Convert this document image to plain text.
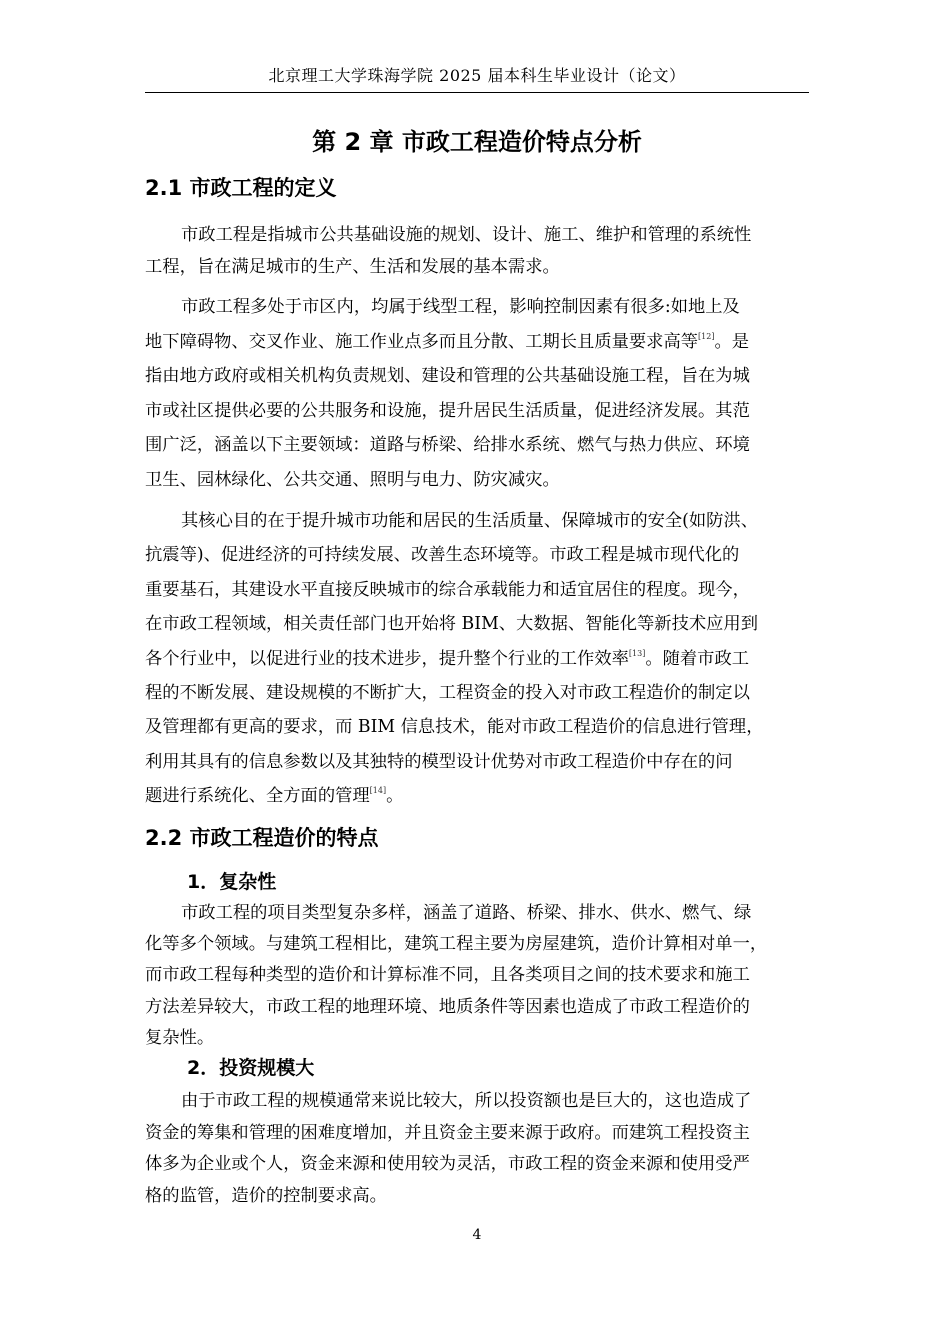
北京理工大学珠海学院 2025 届本科生毕业设计（论文）
第 2 章 市政工程造价特点分析
2.1 市政工程的定义
市政工程是指城市公共基础设施的规划、设计、施工、维护和管理的系统性
工程，旨在满足城市的生产、生活和发展的基本需求。
市政工程多处于市区内，均属于线型工程，影响控制因素有很多:如地上及
地下障碍物、交叉作业、施工作业点多而且分散、工期长且质量要求高等[12]。是
指由地方政府或相关机构负责规划、建设和管理的公共基础设施工程，旨在为城
市或社区提供必要的公共服务和设施，提升居民生活质量，促进经济发展。其范
围广泛，涵盖以下主要领域：道路与桥梁、给排水系统、燃气与热力供应、环境
卫生、园林绿化、公共交通、照明与电力、防灾减灾。
其核心目的在于提升城市功能和居民的生活质量、保障城市的安全(如防洪、
抗震等)、促进经济的可持续发展、改善生态环境等。市政工程是城市现代化的
重要基石，其建设水平直接反映城市的综合承载能力和适宜居住的程度。现今，
在市政工程领域，相关责任部门也开始将 BIM、大数据、智能化等新技术应用到
各个行业中，以促进行业的技术进步，提升整个行业的工作效率[13]。随着市政工
程的不断发展、建设规模的不断扩大，工程资金的投入对市政工程造价的制定以
及管理都有更高的要求，而 BIM 信息技术，能对市政工程造价的信息进行管理，
利用其具有的信息参数以及其独特的模型设计优势对市政工程造价中存在的问
题进行系统化、全方面的管理[14]。
2.2 市政工程造价的特点
1．复杂性
市政工程的项目类型复杂多样，涵盖了道路、桥梁、排水、供水、燃气、绿
化等多个领域。与建筑工程相比，建筑工程主要为房屋建筑，造价计算相对单一，
而市政工程每种类型的造价和计算标准不同，且各类项目之间的技术要求和施工
方法差异较大，市政工程的地理环境、地质条件等因素也造成了市政工程造价的
复杂性。
2．投资规模大
由于市政工程的规模通常来说比较大，所以投资额也是巨大的，这也造成了
资金的筹集和管理的困难度增加，并且资金主要来源于政府。而建筑工程投资主
体多为企业或个人，资金来源和使用较为灵活，市政工程的资金来源和使用受严
格的监管，造价的控制要求高。
4
